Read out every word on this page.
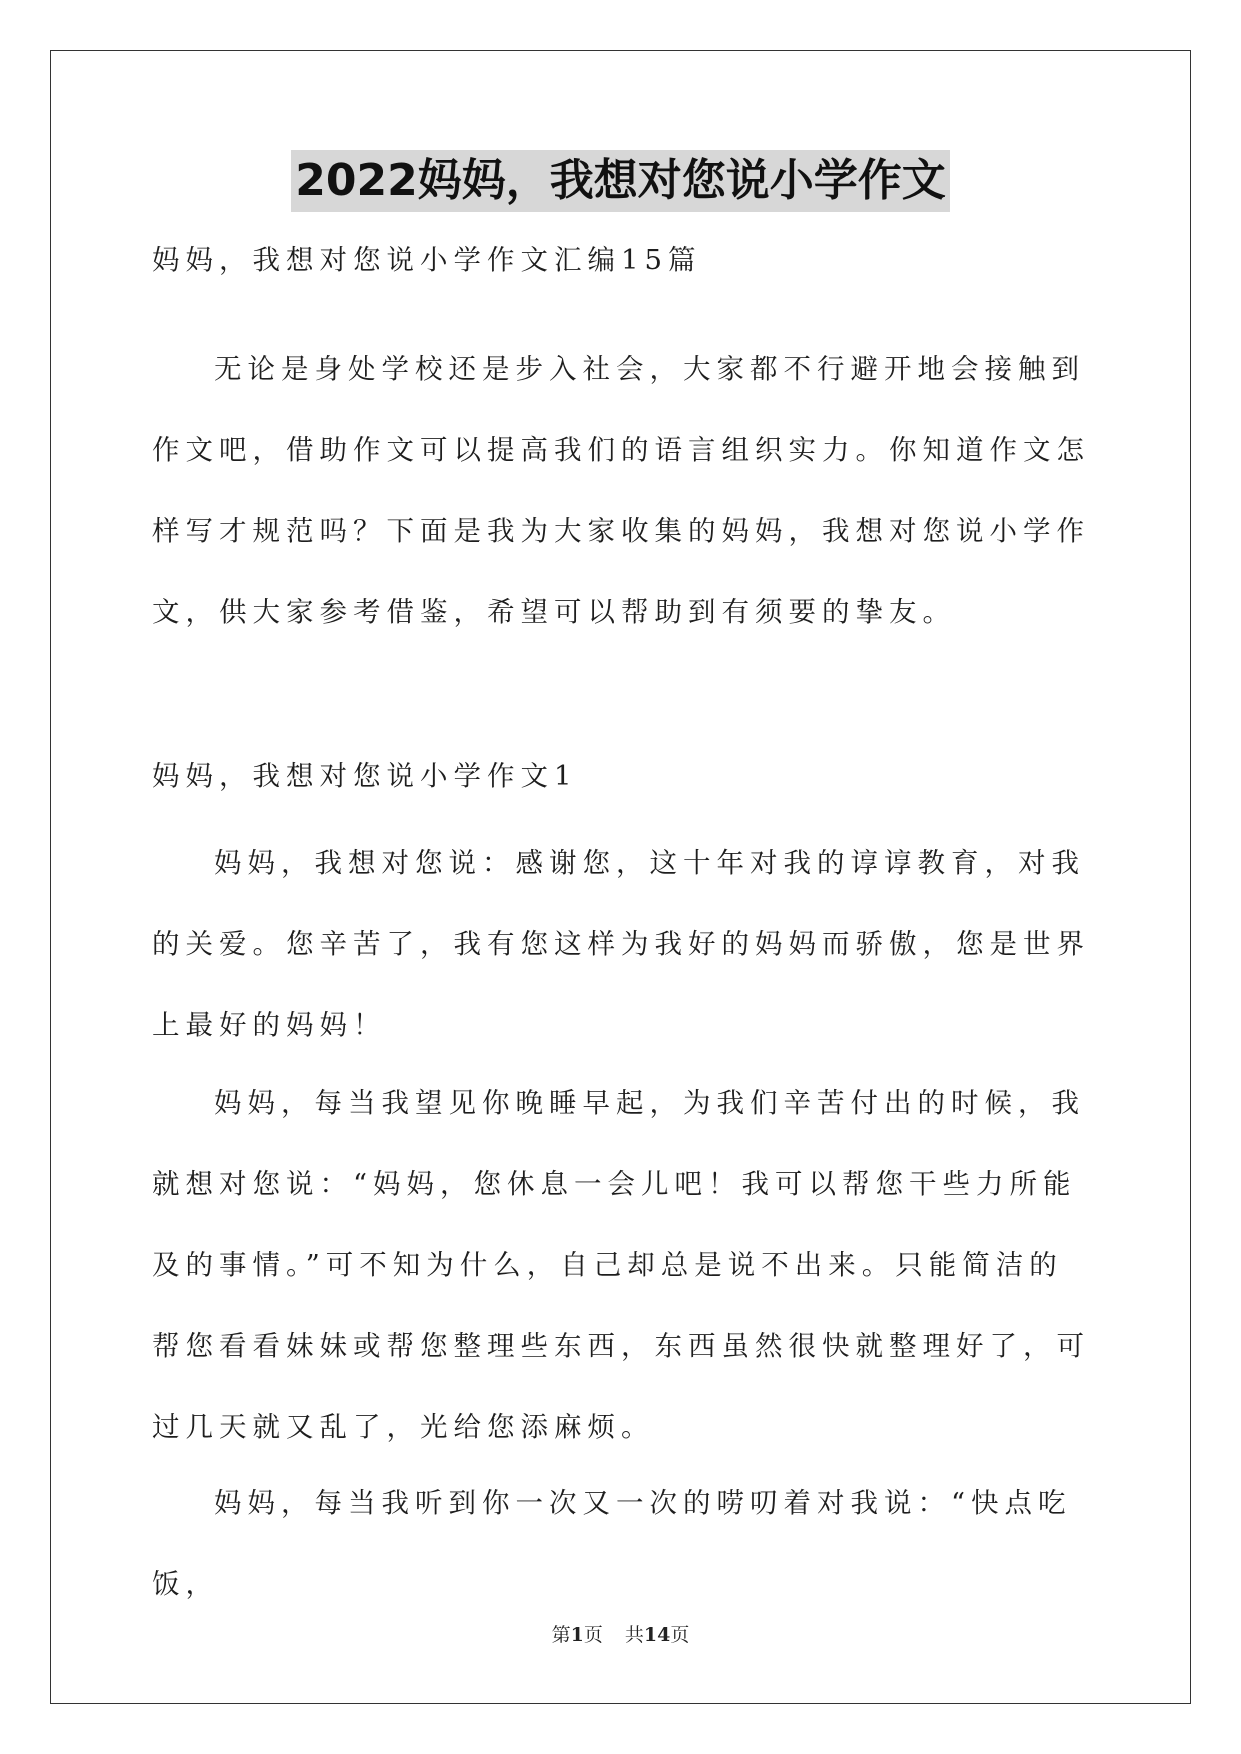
2022妈妈，我想对您说小学作文
妈妈，我想对您说小学作文汇编15篇
无论是身处学校还是步入社会，大家都不行避开地会接触到作文吧，借助作文可以提高我们的语言组织实力。你知道作文怎样写才规范吗？下面是我为大家收集的妈妈，我想对您说小学作文，供大家参考借鉴，希望可以帮助到有须要的挚友。
妈妈，我想对您说小学作文1
妈妈，我想对您说：感谢您，这十年对我的谆谆教育，对我的关爱。您辛苦了，我有您这样为我好的妈妈而骄傲，您是世界上最好的妈妈！
妈妈，每当我望见你晚睡早起，为我们辛苦付出的时候，我就想对您说：“妈妈，您休息一会儿吧！我可以帮您干些力所能及的事情。”可不知为什么，自己却总是说不出来。只能简洁的帮您看看妹妹或帮您整理些东西，东西虽然很快就整理好了，可过几天就又乱了，光给您添麻烦。
妈妈，每当我听到你一次又一次的唠叨着对我说：“快点吃饭，
第1页 共14页
